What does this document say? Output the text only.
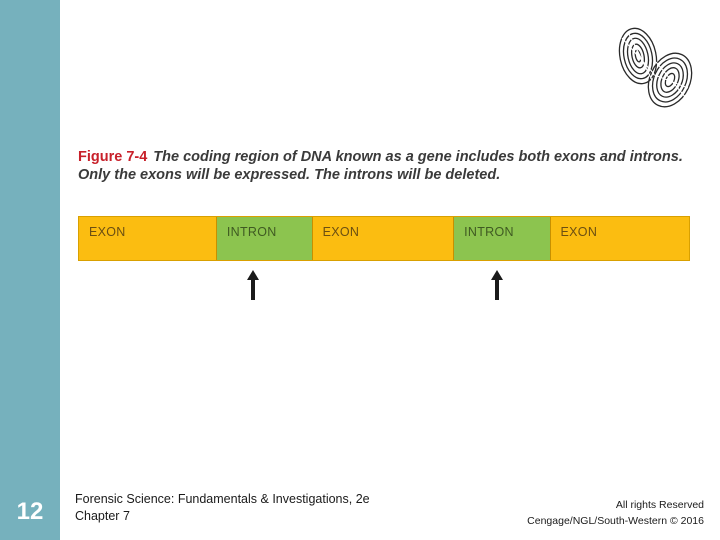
12
Figure 7-4 The coding region of DNA known as a gene includes both exons and introns.
Only the exons will be expressed. The introns will be deleted.
EXON	INTRON	EXON	INTRON	EXON
Forensic Science: Fundamentals & Investigations, 2e
Chapter 7
All rights Reserved
Cengage/NGL/South-Western © 2016
